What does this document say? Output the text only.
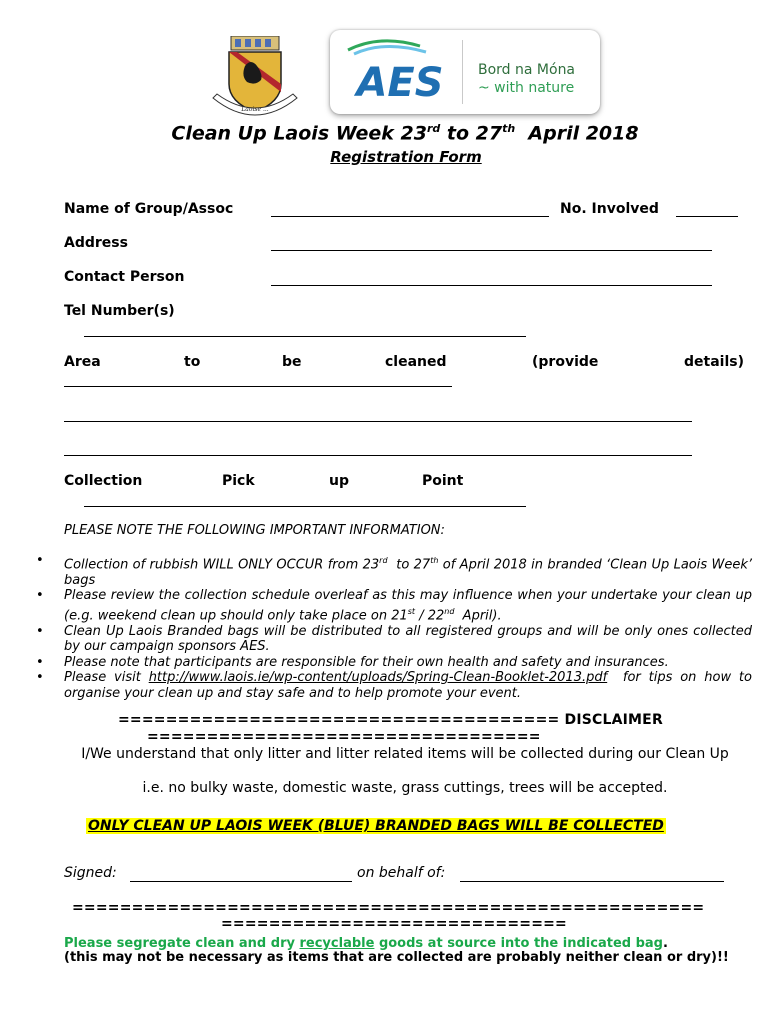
Laoise ...
AES Bord na Móna
~ with nature
Clean Up Laois Week 23rd to 27th  April 2018
Registration Form
Name of Group/Assoc	No. Involved
Address
Contact Person
Tel Number(s)
Area	to	be	cleaned	(provide	details)
Collection	Pick	up	Point
PLEASE NOTE THE FOLLOWING IMPORTANT INFORMATION:
• Collection of rubbish WILL ONLY OCCUR from 23rd  to 27th of April 2018 in branded ‘Clean Up Laois Week’ bags
• Please review the collection schedule overleaf as this may influence when your undertake your clean up (e.g. weekend clean up should only take place on 21st / 22nd  April).
• Clean Up Laois Branded bags will be distributed to all registered groups and will be only ones collected by our campaign sponsors AES.
• Please note that participants are responsible for their own health and safety and insurances.
• Please visit http://www.laois.ie/wp-content/uploads/Spring-Clean-Booklet-2013.pdf  for tips on how to organise your clean up and stay safe and to help promote your event.
===================================== DISCLAIMER
=================================
I/We understand that only litter and litter related items will be collected during our Clean Up
i.e. no bulky waste, domestic waste, grass cuttings, trees will be accepted.
ONLY CLEAN UP LAOIS WEEK (BLUE) BRANDED BAGS WILL BE COLLECTED
Signed:	on behalf of:
=====================================================
=============================
Please segregate clean and dry recyclable goods at source into the indicated bag.
(this may not be necessary as items that are collected are probably neither clean or dry)!!
